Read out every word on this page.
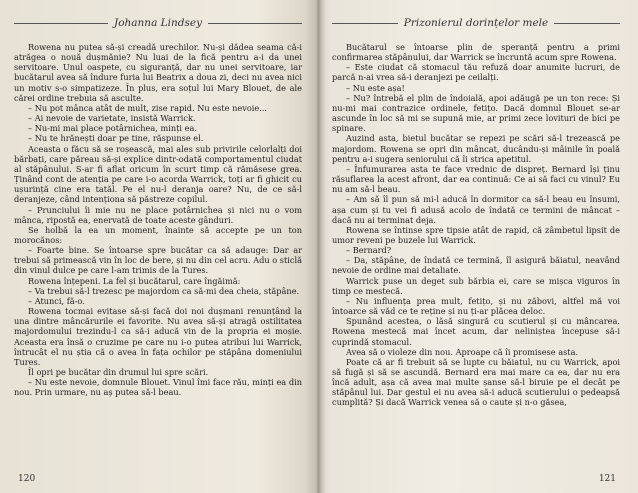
Johanna Lindsey

Rowena nu putea să-și creadă urechilor. Nu-și dădea seama că-i atrăgea o nouă dușmănie? Nu luai de la fică pentru a-i da unei servitoare. Unul oaspete, cu siguranță, dar nu unei servitoare, iar bucătarul avea să îndure furia lui Beatrix a doua zi, deci nu avea nici un motiv s-o simpatizeze. În plus, era soțul lui Mary Blouet, de ale cărei ordine trebuia să asculte.

– Nu pot mânca atât de mult, zise rapid. Nu este nevoie...

– Ai nevoie de varietate, insistă Warrick.

– Nu-mi mai place potârnichea, minți ea.

– Nu te hrănești doar pe tine, răspunse el.

Aceasta o făcu să se roșească, mai ales sub privirile celorlalți doi bărbați, care păreau să-și explice dintr-odată comportamentul ciudat al stăpânului. S-ar fi aflat oricum în scurt timp că rămăsese grea. Ținând cont de atenția pe care i-o acorda Warrick, toți ar fi ghicit cu ușurință cine era tatăl. Pe el nu-l deranja oare? Nu, de ce să-l deranjeze, când intenționa să păstreze copilul.

– Prunciului îi mie nu ne place potârnichea și nici nu o vom mânca, ripostă ea, enervată de toate aceste gânduri.

Se holbă la ea un moment, înainte să accepte pe un ton morocănos:

– Foarte bine. Se întoarse spre bucătar ca să adauge: Dar ar trebui să primească vin în loc de bere, și nu din cel acru. Adu o sticlă din vinul dulce pe care l-am trimis de la Tures.

Rowena înțepeni. La fel și bucătarul, care îngăimă:

– Va trebui să-l trezesc pe majordom ca să-mi dea cheia, stăpâne.

– Atunci, fă-o.

Rowena tocmai evitase să-și facă doi noi dușmani renunțând la una dintre mâncărurile ei favorite. Nu avea să-și atragă ostilitatea majordomului trezindu-l ca să-i aducă vin de la propria ei moșie. Aceasta era însă o cruzime pe care nu i-o putea atribui lui Warrick, întrucât el nu știa că o avea în fața ochilor pe stăpâna domeniului Tures.

Îl opri pe bucătar din drumul lui spre scări.

– Nu este nevoie, domnule Blouet. Vinul îmi face rău, minți ea din nou. Prin urmare, nu aș putea să-l beau.

120
Prizonierul dorințelor mele

Bucătarul se întoarse plin de speranță pentru a primi confirmarea stăpânului, dar Warrick se încruntă acum spre Rowena.

– Este ciudat că stomacul tău refuză doar anumite lucruri, de parcă n-ai vrea să-i deranjezi pe ceilalți.

– Nu este așa!

– Nu? întrebă el plin de îndoială, apoi adăugă pe un ton rece: Și nu-mi mai contrazice ordinele, fetițo. Dacă domnul Blouet se-ar ascunde în loc să mi se supună mie, ar primi zece lovituri de bici pe spinare.

Auzind asta, bietul bucătar se repezi pe scări să-l trezească pe majordom. Rowena se opri din mâncat, ducându-și mâinile în poală pentru a-i sugera seniorului că îi strica apetitul.

– Înfumurarea asta te face vrednic de dispreț. Bernard își ținu răsuflarea la acest afront, dar ea continuă: Ce ai să faci cu vinul? Eu nu am să-l beau.

– Am să îl pun să mi-l aducă în dormitor ca să-l beau eu însumi, așa cum și tu vei fi adusă acolo de îndată ce termini de mâncat – dacă nu ai terminat deja.

Rowena se întinse spre tipsie atât de rapid, că zâmbetul lipsit de umor reveni pe buzele lui Warrick.

– Bernard?

– Da, stăpâne, de îndată ce termină, îl asigură băiatul, neavând nevoie de ordine mai detaliate.

Warrick puse un deget sub bărbia ei, care se mișca viguros în timp ce mestecă.

– Nu influența prea mult, fetițo, și nu zăbovi, altfel mă voi întoarce să văd ce te reține și nu ți-ar plăcea deloc.

Spunând acestea, o lăsă singură cu scutierul și cu mâncarea. Rowena mestecă mai încet acum, dar neliniștea începuse să-i cuprindă stomacul.

Avea să o violeze din nou. Aproape că îi promisese asta.

Poate că ar fi trebuit să se lupte cu băiatul, nu cu Warrick, apoi să fugă și să se ascundă. Bernard era mai mare ca ea, dar nu era încă adult, așa că avea mai multe șanse să-l biruie pe el decât pe stăpânul lui. Dar gestul ei nu avea să-i aducă scutierului o pedeapsă cumplită? Și dacă Warrick venea să o caute și n-o găsea,

121
